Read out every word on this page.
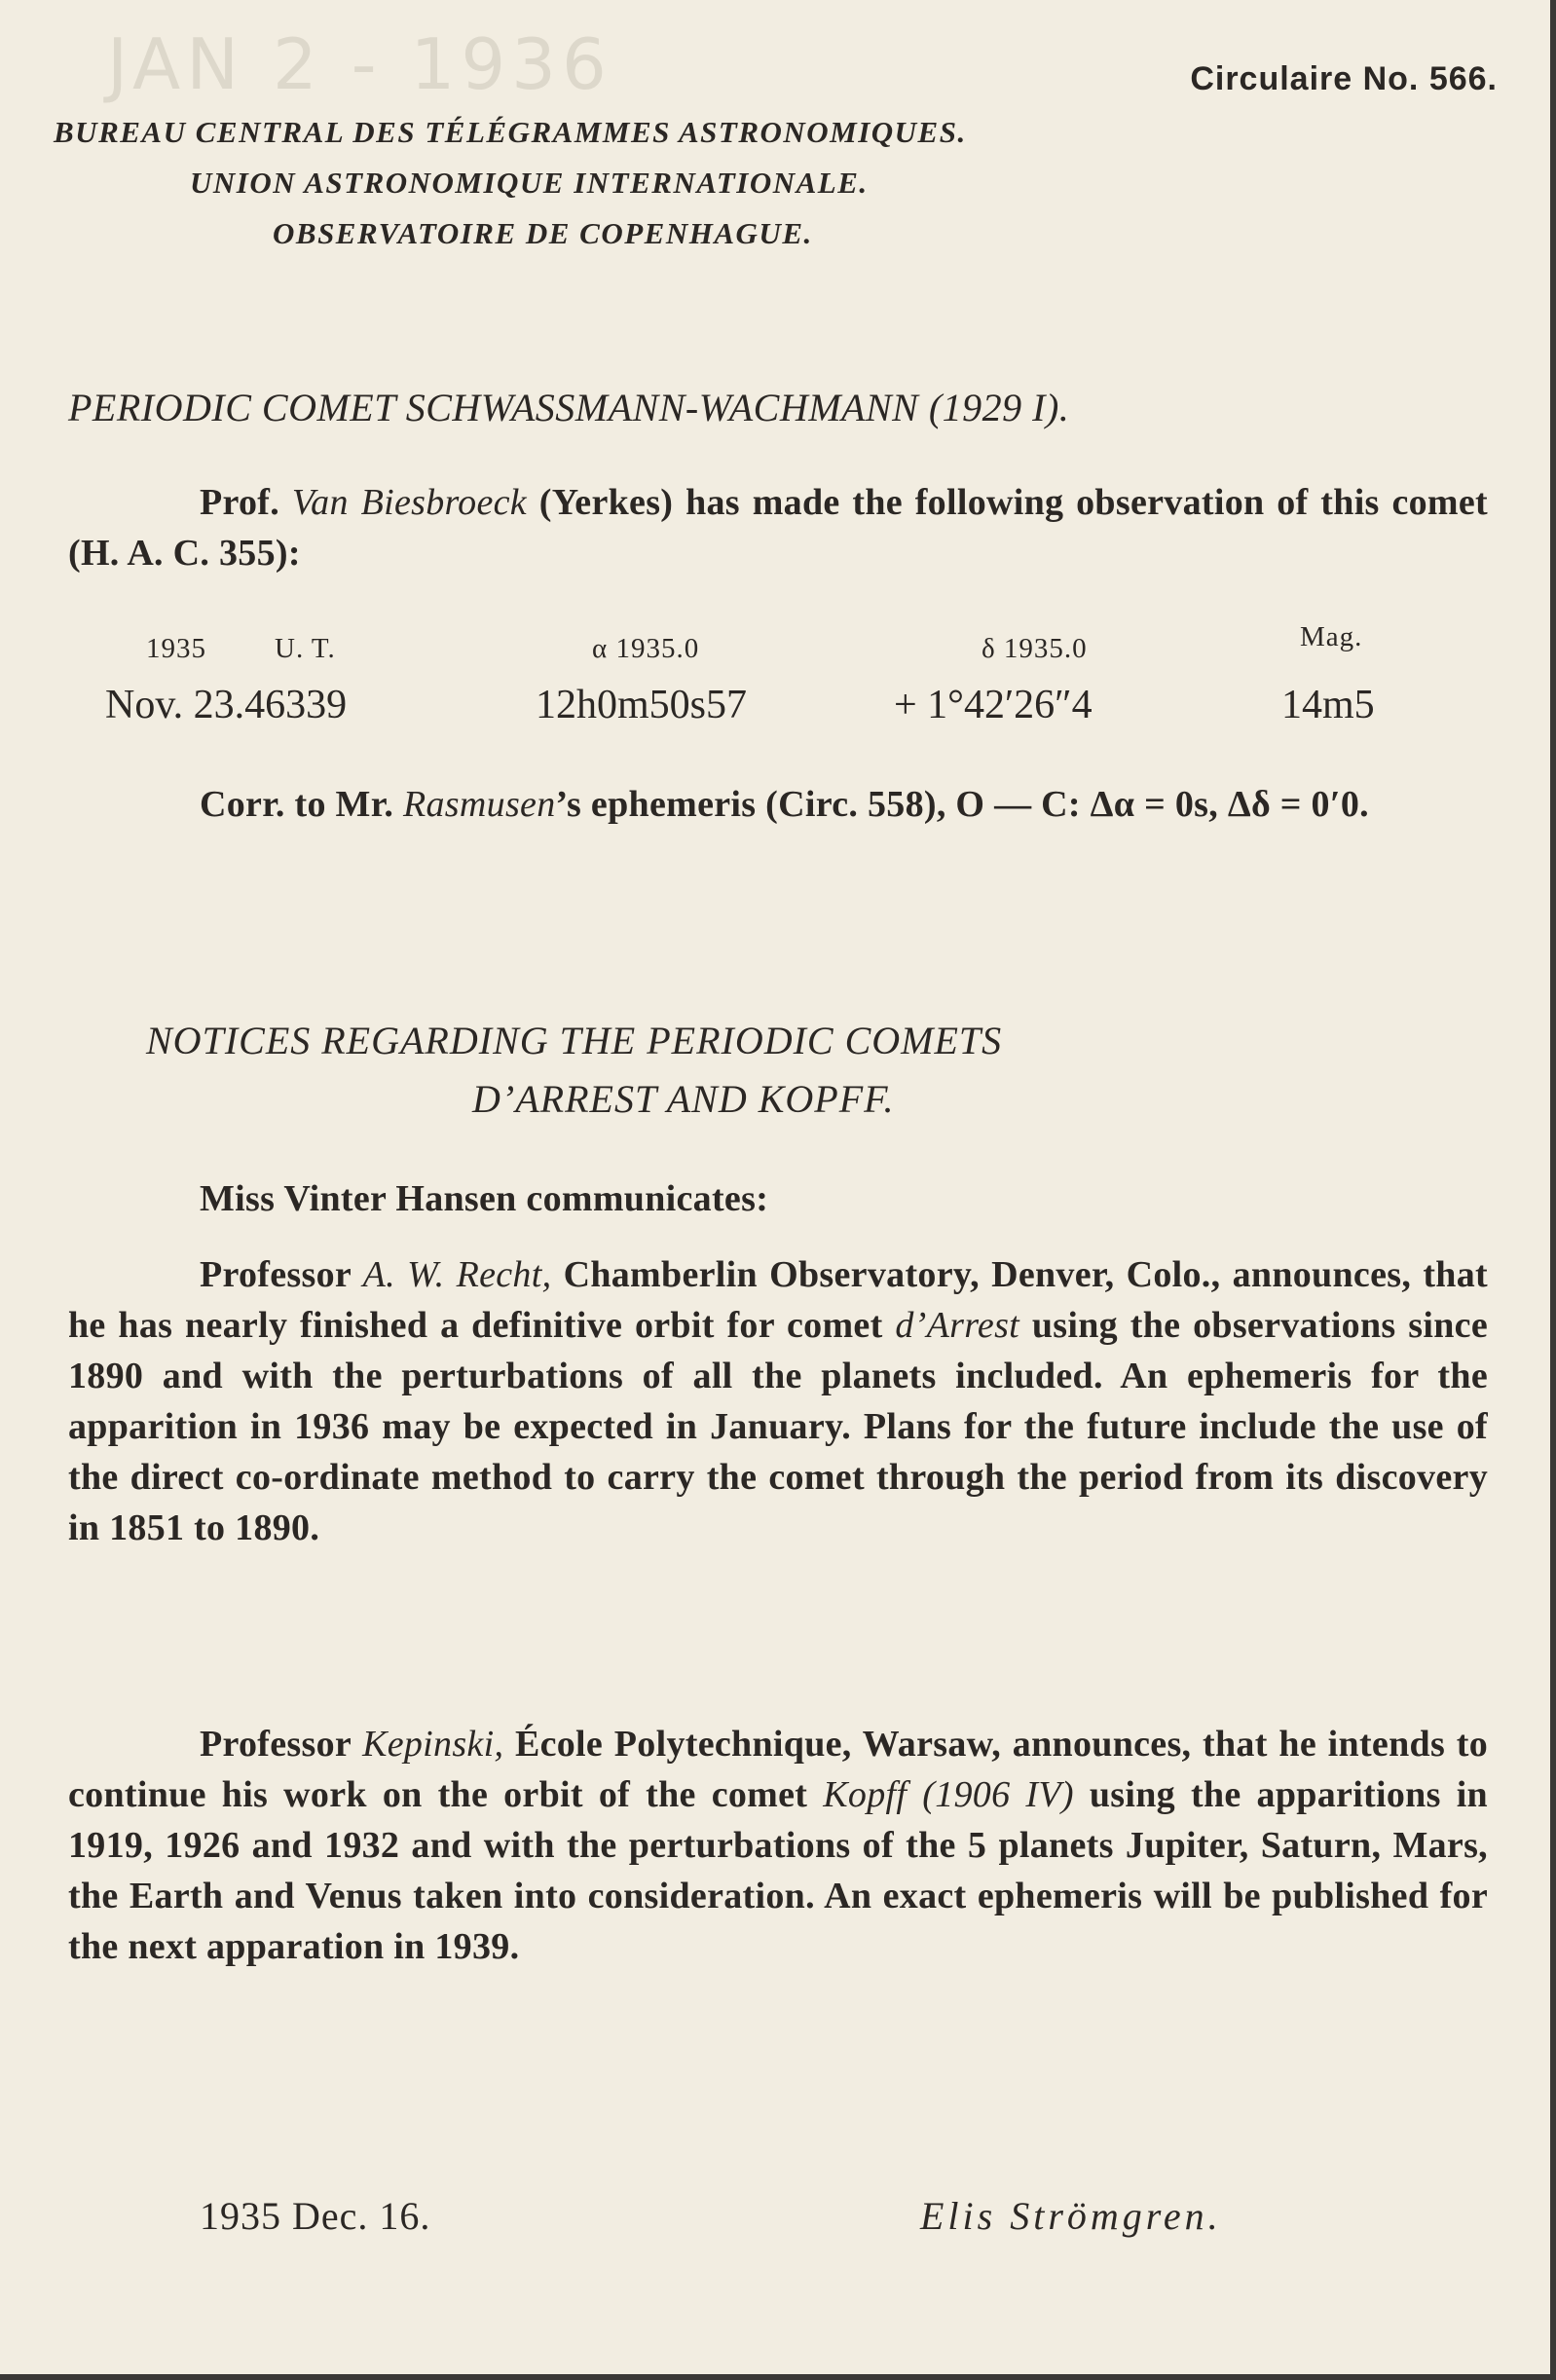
JAN 2 - 1936	Circulaire No. 566.
BUREAU CENTRAL DES TÉLÉGRAMMES ASTRONOMIQUES.
UNION ASTRONOMIQUE INTERNATIONALE.
OBSERVATOIRE DE COPENHAGUE.
PERIODIC COMET SCHWASSMANN-WACHMANN (1929 I).
Prof. Van Biesbroeck (Yerkes) has made the following observation of this comet (H. A. C. 355):
1935 U. T.	α 1935.0	δ 1935.0	Mag.
Nov. 23.46339	12h0m50s57	+ 1°42′26″4	14m5
Corr. to Mr. Rasmusen’s ephemeris (Circ. 558), O — C: Δα = 0s, Δδ = 0′0.
NOTICES REGARDING THE PERIODIC COMETS
D’ARREST AND KOPFF.
Miss Vinter Hansen communicates:
Professor A. W. Recht, Chamberlin Observatory, Denver, Colo., announces, that he has nearly finished a definitive orbit for comet d’Arrest using the observations since 1890 and with the perturbations of all the planets included. An ephemeris for the apparition in 1936 may be expected in January. Plans for the future include the use of the direct co-ordinate method to carry the comet through the period from its discovery in 1851 to 1890.
Professor Kepinski, École Polytechnique, Warsaw, announces, that he intends to continue his work on the orbit of the comet Kopff (1906 IV) using the apparitions in 1919, 1926 and 1932 and with the perturbations of the 5 planets Jupiter, Saturn, Mars, the Earth and Venus taken into consideration. An exact ephemeris will be published for the next apparation in 1939.
1935 Dec. 16.	Elis Strömgren.
